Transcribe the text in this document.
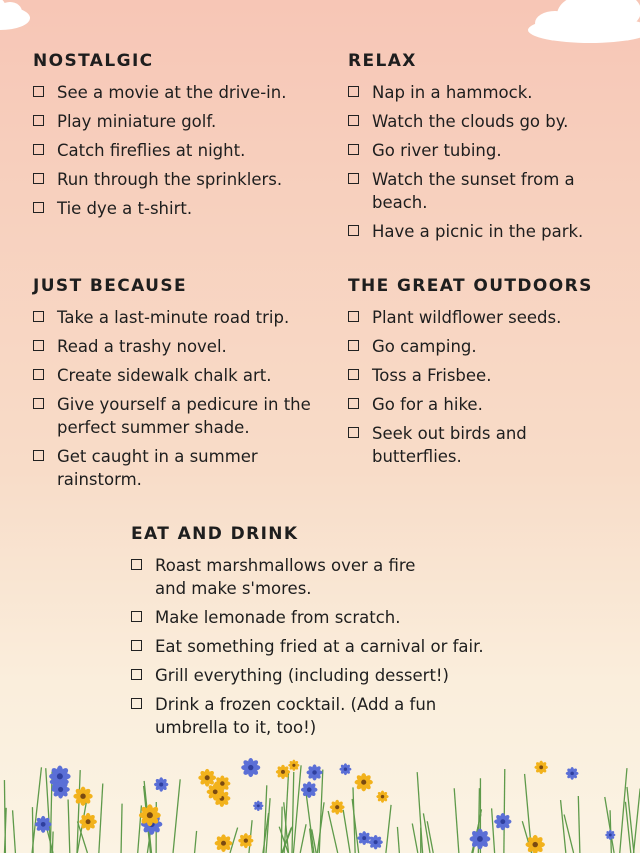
NOSTALGIC
See a movie at the drive-in.
Play miniature golf.
Catch fireflies at night.
Run through the sprinklers.
Tie dye a t-shirt.
RELAX
Nap in a hammock.
Watch the clouds go by.
Go river tubing.
Watch the sunset from a beach.
Have a picnic in the park.
JUST BECAUSE
Take a last-minute road trip.
Read a trashy novel.
Create sidewalk chalk art.
Give yourself a pedicure in the perfect summer shade.
Get caught in a summer rainstorm.
THE GREAT OUTDOORS
Plant wildflower seeds.
Go camping.
Toss a Frisbee.
Go for a hike.
Seek out birds and butterflies.
EAT AND DRINK
Roast marshmallows over a fire and make s'mores.
Make lemonade from scratch.
Eat something fried at a carnival or fair.
Grill everything (including dessert!)
Drink a frozen cocktail. (Add a fun umbrella to it, too!)
